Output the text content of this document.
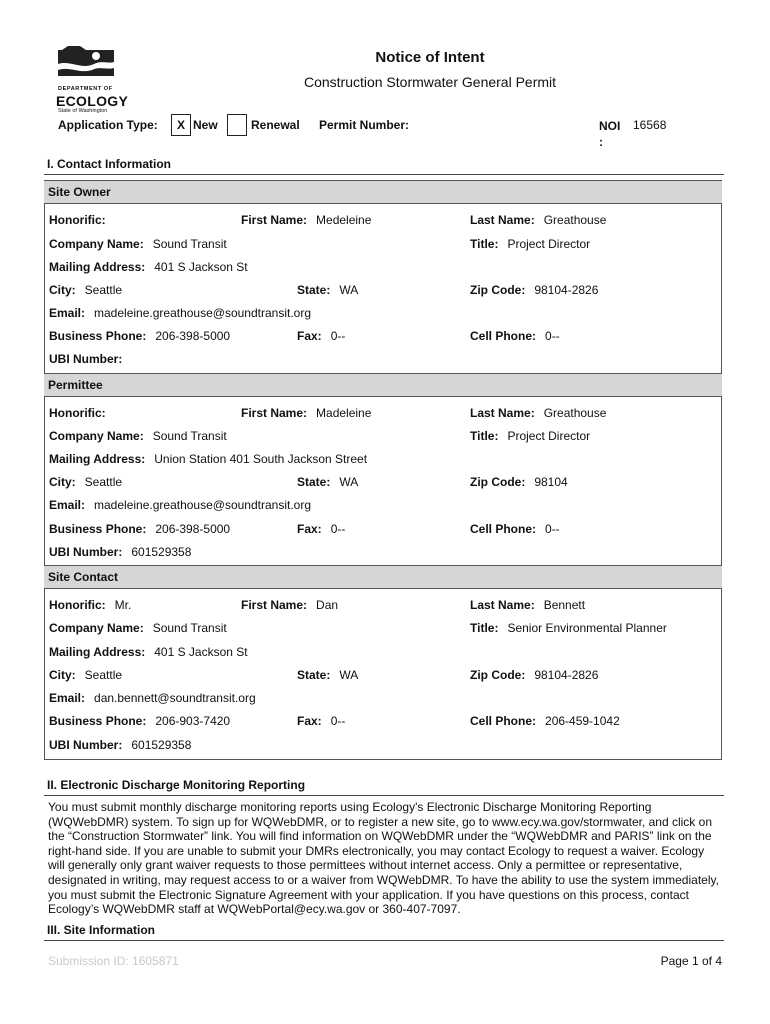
DEPARTMENT OF
ECOLOGY
State of Washington
Notice of Intent
Construction Stormwater General Permit
Application Type:	X New	Renewal Permit Number:	NOI :
16568
I. Contact Information
Site Owner
Honorific:	First Name: Medeleine	Last Name: Greathouse
Company Name: Sound Transit	Title: Project Director
Mailing Address: 401 S Jackson St
City: Seattle	State: WA	Zip Code: 98104-2826
Email: madeleine.greathouse@soundtransit.org
Business Phone: 206-398-5000	Fax: 0--	Cell Phone: 0--
UBI Number:
Permittee
Honorific:	First Name: Madeleine	Last Name: Greathouse
Company Name: Sound Transit	Title: Project Director
Mailing Address: Union Station 401 South Jackson Street
City: Seattle	State: WA	Zip Code: 98104
Email: madeleine.greathouse@soundtransit.org
Business Phone: 206-398-5000	Fax: 0--	Cell Phone: 0--
UBI Number: 601529358
Site Contact
Honorific: Mr.	First Name: Dan	Last Name: Bennett
Company Name: Sound Transit	Title: Senior Environmental Planner
Mailing Address: 401 S Jackson St
City: Seattle	State: WA	Zip Code: 98104-2826
Email: dan.bennett@soundtransit.org
Business Phone: 206-903-7420	Fax: 0--	Cell Phone: 206-459-1042
UBI Number: 601529358
II. Electronic Discharge Monitoring Reporting
You must submit monthly discharge monitoring reports using Ecology's Electronic Discharge Monitoring Reporting (WQWebDMR) system. To sign up for WQWebDMR, or to register a new site, go to www.ecy.wa.gov/stormwater, and click on the “Construction Stormwater” link. You will find information on WQWebDMR under the “WQWebDMR and PARIS” link on the right-hand side. If you are unable to submit your DMRs electronically, you may contact Ecology to request a waiver. Ecology will generally only grant waiver requests to those permittees without internet access. Only a permittee or representative, designated in writing, may request access to or a waiver from WQWebDMR. To have the ability to use the system immediately, you must submit the Electronic Signature Agreement with your application. If you have questions on this process, contact Ecology’s WQWebDMR staff at WQWebPortal@ecy.wa.gov or 360-407-7097.
III. Site Information
Submission ID: 1605871	Page 1 of 4
